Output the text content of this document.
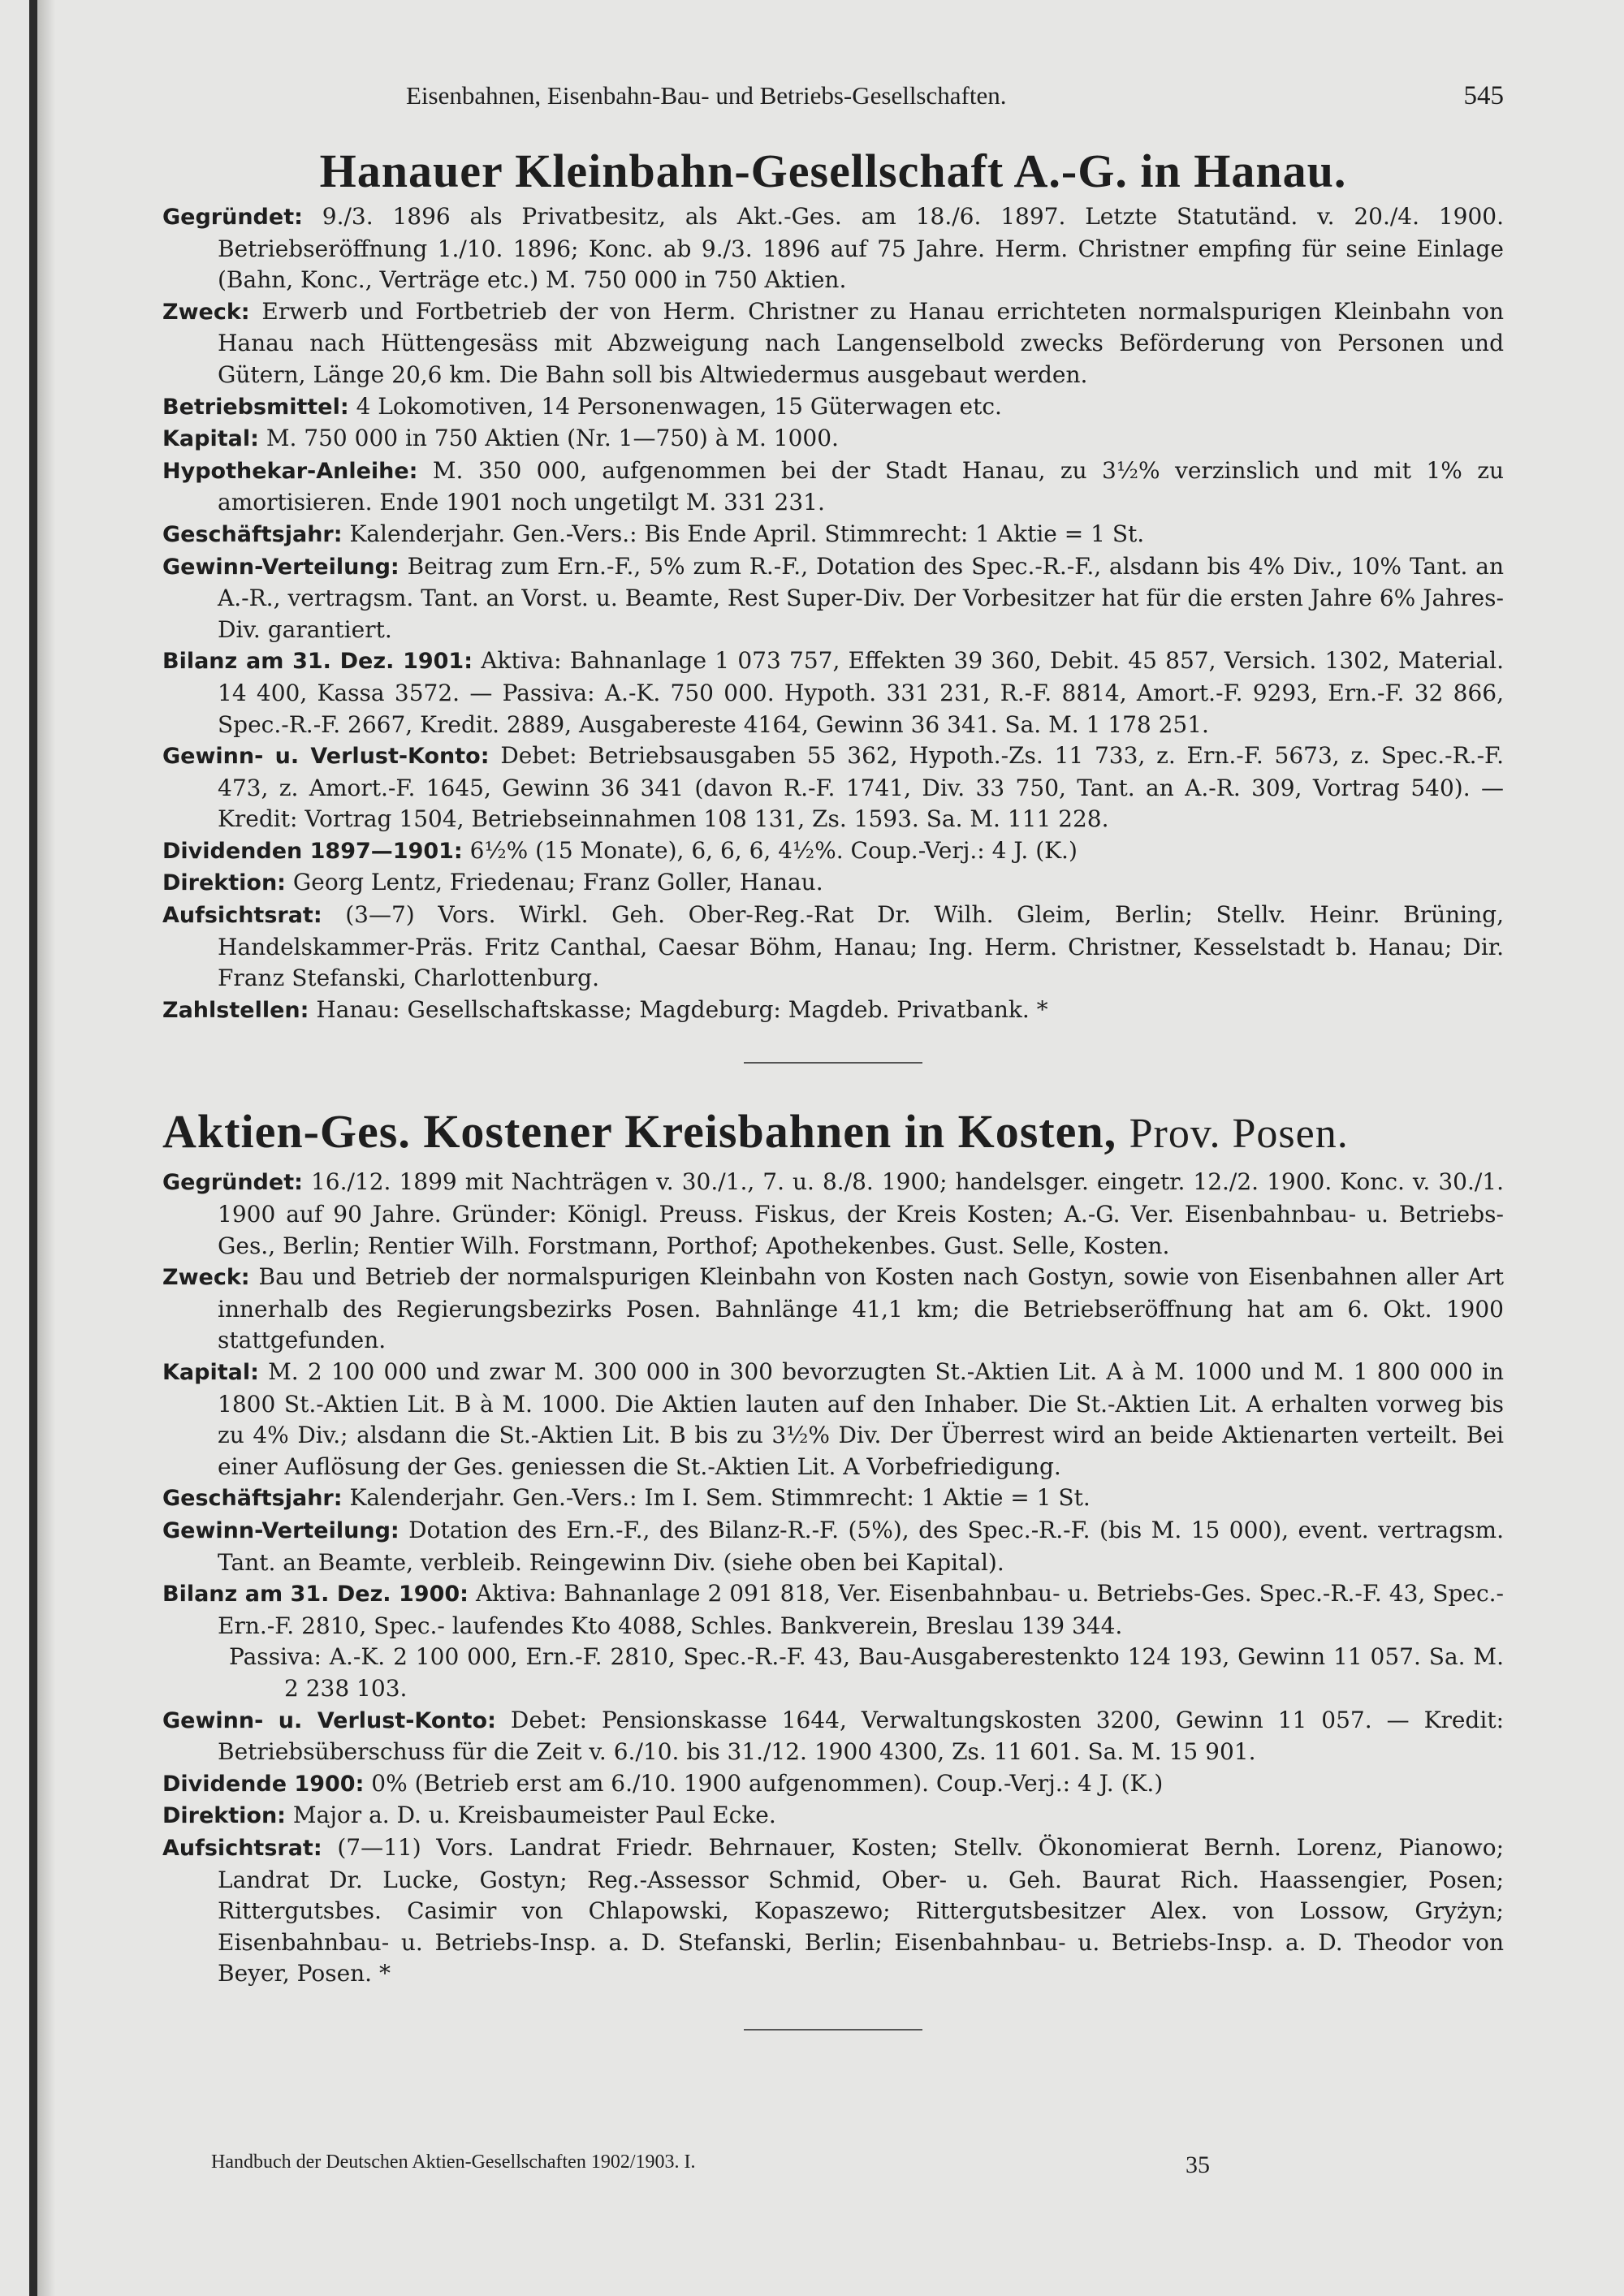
Eisenbahnen, Eisenbahn-Bau- und Betriebs-Gesellschaften.	545
Hanauer Kleinbahn-Gesellschaft A.-G. in Hanau.

Gegründet: 9./3. 1896 als Privatbesitz, als Akt.-Ges. am 18./6. 1897. Letzte Statutänd. v. 20./4. 1900. Betriebseröffnung 1./10. 1896; Konc. ab 9./3. 1896 auf 75 Jahre. Herm. Christner empfing für seine Einlage (Bahn, Konc., Verträge etc.) M. 750 000 in 750 Aktien.

Zweck: Erwerb und Fortbetrieb der von Herm. Christner zu Hanau errichteten normalspurigen Kleinbahn von Hanau nach Hüttengesäss mit Abzweigung nach Langenselbold zwecks Beförderung von Personen und Gütern, Länge 20,6 km. Die Bahn soll bis Altwiedermus ausgebaut werden.

Betriebsmittel: 4 Lokomotiven, 14 Personenwagen, 15 Güterwagen etc.

Kapital: M. 750 000 in 750 Aktien (Nr. 1—750) à M. 1000.

Hypothekar-Anleihe: M. 350 000, aufgenommen bei der Stadt Hanau, zu 3½% verzinslich und mit 1% zu amortisieren. Ende 1901 noch ungetilgt M. 331 231.

Geschäftsjahr: Kalenderjahr. Gen.-Vers.: Bis Ende April. Stimmrecht: 1 Aktie = 1 St.

Gewinn-Verteilung: Beitrag zum Ern.-F., 5% zum R.-F., Dotation des Spec.-R.-F., alsdann bis 4% Div., 10% Tant. an A.-R., vertragsm. Tant. an Vorst. u. Beamte, Rest Super-Div. Der Vorbesitzer hat für die ersten Jahre 6% Jahres-Div. garantiert.

Bilanz am 31. Dez. 1901: Aktiva: Bahnanlage 1 073 757, Effekten 39 360, Debit. 45 857, Versich. 1302, Material. 14 400, Kassa 3572. — Passiva: A.-K. 750 000. Hypoth. 331 231, R.-F. 8814, Amort.-F. 9293, Ern.-F. 32 866, Spec.-R.-F. 2667, Kredit. 2889, Ausgabereste 4164, Gewinn 36 341. Sa. M. 1 178 251.

Gewinn- u. Verlust-Konto: Debet: Betriebsausgaben 55 362, Hypoth.-Zs. 11 733, z. Ern.-F. 5673, z. Spec.-R.-F. 473, z. Amort.-F. 1645, Gewinn 36 341 (davon R.-F. 1741, Div. 33 750, Tant. an A.-R. 309, Vortrag 540). — Kredit: Vortrag 1504, Betriebseinnahmen 108 131, Zs. 1593. Sa. M. 111 228.

Dividenden 1897—1901: 6½% (15 Monate), 6, 6, 6, 4½%. Coup.-Verj.: 4 J. (K.)

Direktion: Georg Lentz, Friedenau; Franz Goller, Hanau.

Aufsichtsrat: (3—7) Vors. Wirkl. Geh. Ober-Reg.-Rat Dr. Wilh. Gleim, Berlin; Stellv. Heinr. Brüning, Handelskammer-Präs. Fritz Canthal, Caesar Böhm, Hanau; Ing. Herm. Christner, Kesselstadt b. Hanau; Dir. Franz Stefanski, Charlottenburg.

Zahlstellen: Hanau: Gesellschaftskasse; Magdeburg: Magdeb. Privatbank. *

Aktien-Ges. Kostener Kreisbahnen in Kosten, Prov. Posen.

Gegründet: 16./12. 1899 mit Nachträgen v. 30./1., 7. u. 8./8. 1900; handelsger. eingetr. 12./2. 1900. Konc. v. 30./1. 1900 auf 90 Jahre. Gründer: Königl. Preuss. Fiskus, der Kreis Kosten; A.-G. Ver. Eisenbahnbau- u. Betriebs-Ges., Berlin; Rentier Wilh. Forstmann, Porthof; Apothekenbes. Gust. Selle, Kosten.

Zweck: Bau und Betrieb der normalspurigen Kleinbahn von Kosten nach Gostyn, sowie von Eisenbahnen aller Art innerhalb des Regierungsbezirks Posen. Bahnlänge 41,1 km; die Betriebseröffnung hat am 6. Okt. 1900 stattgefunden.

Kapital: M. 2 100 000 und zwar M. 300 000 in 300 bevorzugten St.-Aktien Lit. A à M. 1000 und M. 1 800 000 in 1800 St.-Aktien Lit. B à M. 1000. Die Aktien lauten auf den Inhaber. Die St.-Aktien Lit. A erhalten vorweg bis zu 4% Div.; alsdann die St.-Aktien Lit. B bis zu 3½% Div. Der Überrest wird an beide Aktienarten verteilt. Bei einer Auflösung der Ges. geniessen die St.-Aktien Lit. A Vorbefriedigung.

Geschäftsjahr: Kalenderjahr. Gen.-Vers.: Im I. Sem. Stimmrecht: 1 Aktie = 1 St.

Gewinn-Verteilung: Dotation des Ern.-F., des Bilanz-R.-F. (5%), des Spec.-R.-F. (bis M. 15 000), event. vertragsm. Tant. an Beamte, verbleib. Reingewinn Div. (siehe oben bei Kapital).

Bilanz am 31. Dez. 1900: Aktiva: Bahnanlage 2 091 818, Ver. Eisenbahnbau- u. Betriebs-Ges. Spec.-R.-F. 43, Spec.-Ern.-F. 2810, Spec.- laufendes Kto 4088, Schles. Bankverein, Breslau 139 344.

Passiva: A.-K. 2 100 000, Ern.-F. 2810, Spec.-R.-F. 43, Bau-Ausgaberestenkto 124 193, Gewinn 11 057. Sa. M. 2 238 103.

Gewinn- u. Verlust-Konto: Debet: Pensionskasse 1644, Verwaltungskosten 3200, Gewinn 11 057. — Kredit: Betriebsüberschuss für die Zeit v. 6./10. bis 31./12. 1900 4300, Zs. 11 601. Sa. M. 15 901.

Dividende 1900: 0% (Betrieb erst am 6./10. 1900 aufgenommen). Coup.-Verj.: 4 J. (K.)

Direktion: Major a. D. u. Kreisbaumeister Paul Ecke.

Aufsichtsrat: (7—11) Vors. Landrat Friedr. Behrnauer, Kosten; Stellv. Ökonomierat Bernh. Lorenz, Pianowo; Landrat Dr. Lucke, Gostyn; Reg.-Assessor Schmid, Ober- u. Geh. Baurat Rich. Haassengier, Posen; Rittergutsbes. Casimir von Chlapowski, Kopaszewo; Rittergutsbesitzer Alex. von Lossow, Gryżyn; Eisenbahnbau- u. Betriebs-Insp. a. D. Stefanski, Berlin; Eisenbahnbau- u. Betriebs-Insp. a. D. Theodor von Beyer, Posen. *

Handbuch der Deutschen Aktien-Gesellschaften 1902/1903. I.	35
